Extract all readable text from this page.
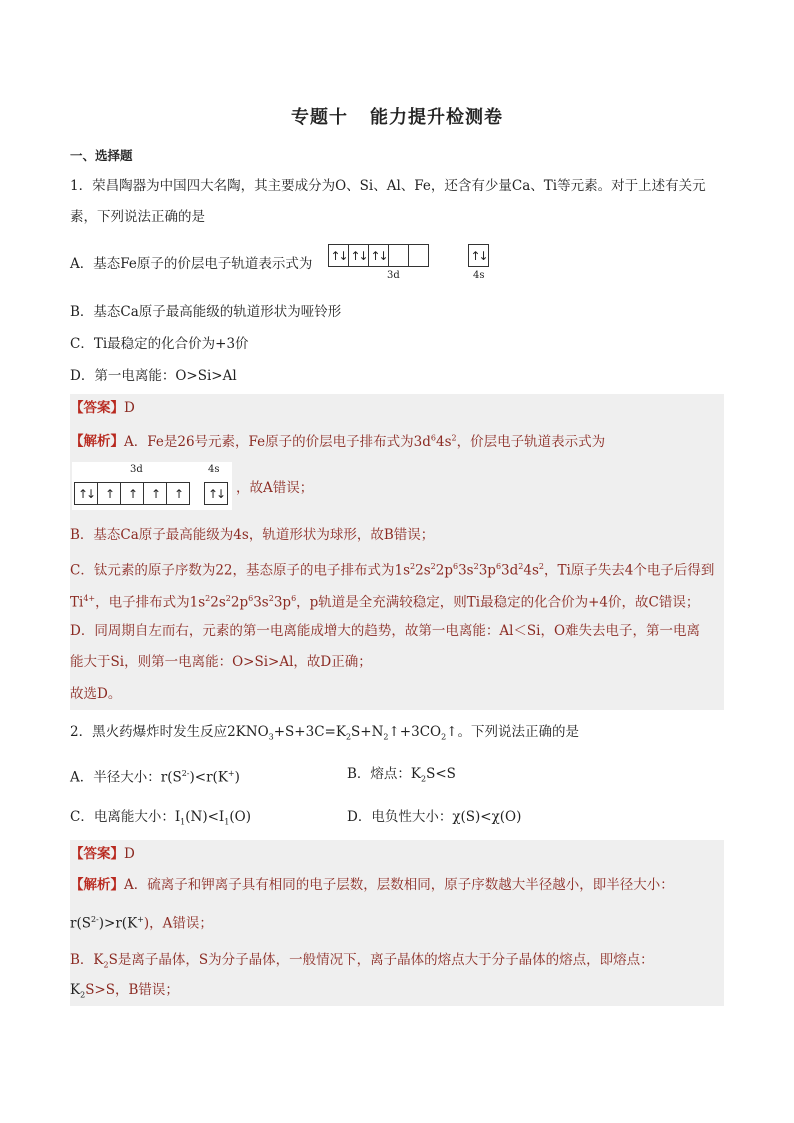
专题十 能力提升检测卷
一、选择题
1．荣昌陶器为中国四大名陶，其主要成分为O、Si、Al、Fe，还含有少量Ca、Ti等元素。对于上述有关元
素，下列说法正确的是
A．基态Fe原子的价层电子轨道表示式为 ↑↓ ↑↓ ↑↓	↑↓
3d	4s
B．基态Ca原子最高能级的轨道形状为哑铃形
C．Ti最稳定的化合价为+3价
D．第一电离能：O>Si>Al
【答案】D
【解析】A．Fe是26号元素，Fe原子的价层电子排布式为$3d^64s^2$，价层电子轨道表示式为
3d	4s
↑↓ ↑	↑	↑	↑	↑↓ ，故A错误；
B．基态Ca原子最高能级为4s，轨道形状为球形，故B错误；
C．钛元素的原子序数为22，基态原子的电子排布式为$1s^22s^22p^63s^23p^63d^24s^2$，Ti原子失去4个电子后得到
$Ti^{4+}$，电子排布式为$1s^22s^22p^63s^23p^6$，p轨道是全充满较稳定，则Ti最稳定的化合价为+4价，故C错误；
D．同周期自左而右，元素的第一电离能成增大的趋势，故第一电离能：Al＜Si，O难失去电子，第一电离
能大于Si，则第一电离能：O>Si>Al，故D正确；
故选D。
2．黑火药爆炸时发生反应$2KNO_3+S+3C=K_2S+N_2↑+3CO_2↑$。下列说法正确的是
A．半径大小：$r(S^{2-})<r(K^+)$	B．熔点：$K_2S<S$
C．电离能大小：$I_1(N)<I_1(O)$	D．电负性大小：χ(S)<χ(O)
【答案】D
【解析】A．硫离子和钾离子具有相同的电子层数，层数相同，原子序数越大半径越小，即半径大小：
$r(S^{2-})>r(K^+)$，A错误；
B．$K_2S$是离子晶体，S为分子晶体，一般情况下，离子晶体的熔点大于分子晶体的熔点，即熔点：
$K_2S>S$，B错误；
